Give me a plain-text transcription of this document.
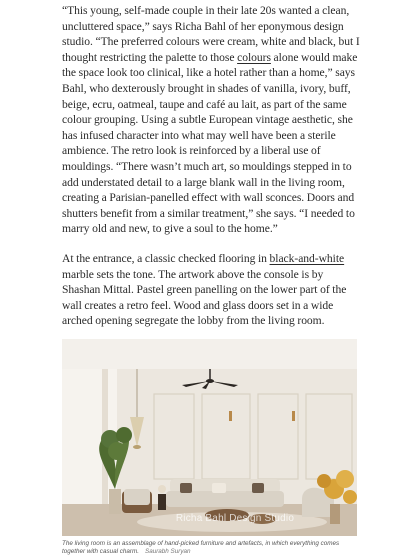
“This young, self-made couple in their late 20s wanted a clean, uncluttered space,” says Richa Bahl of her eponymous design studio. “The preferred colours were cream, white and black, but I thought restricting the palette to those colours alone would make the space look too clinical, like a hotel rather than a home,” says Bahl, who dexterously brought in shades of vanilla, ivory, buff, beige, ecru, oatmeal, taupe and café au lait, as part of the same colour grouping. Using a subtle European vintage aesthetic, she has infused character into what may well have been a sterile ambience. The retro look is reinforced by a liberal use of mouldings. “There wasn’t much art, so mouldings stepped in to add understated detail to a large blank wall in the living room, creating a Parisian-panelled effect with wall sconces. Doors and shutters benefit from a similar treatment,” she says. “I needed to marry old and new, to give a soul to the home.”

At the entrance, a classic checked flooring in black-and-white marble sets the tone. The artwork above the console is by Shashan Mittal. Pastel green panelling on the lower part of the wall creates a retro feel. Wood and glass doors set in a wide arched opening segregate the lobby from the living room.

Richa Bahl Design Studio

The living room is an assemblage of hand-picked furniture and artefacts, in which everything comes together with casual charm. Saurabh Suryan
